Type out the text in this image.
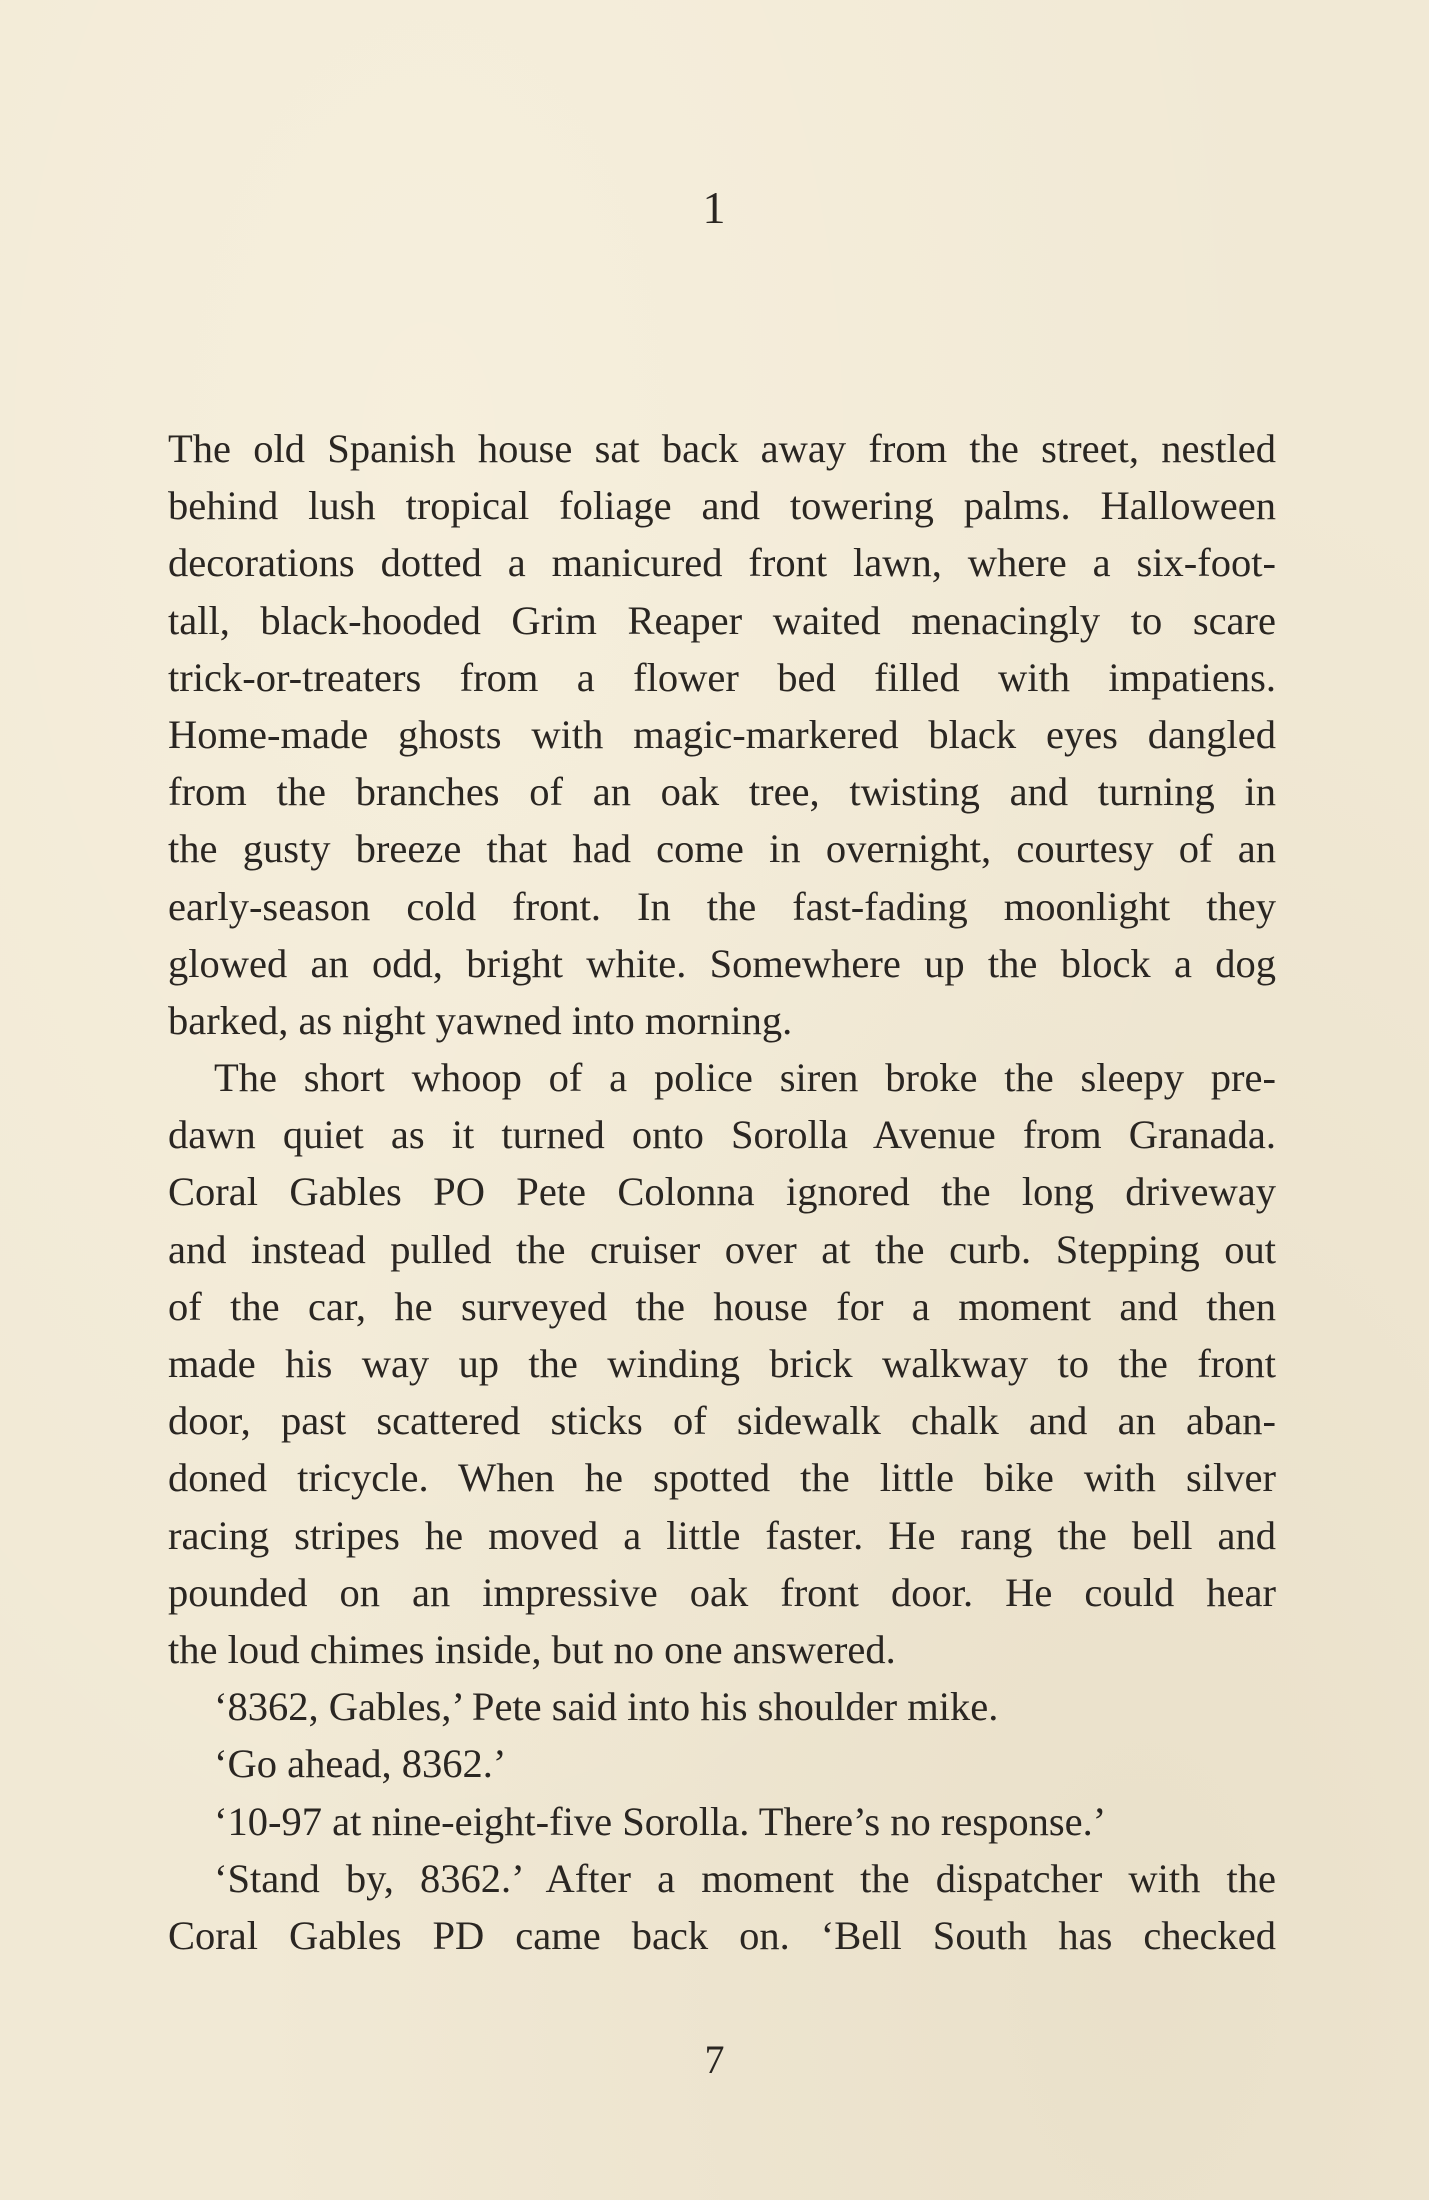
1
The old Spanish house sat back away from the street, nestled
behind lush tropical foliage and towering palms. Halloween
decorations dotted a manicured front lawn, where a six-foot-
tall, black-hooded Grim Reaper waited menacingly to scare
trick-or-treaters from a flower bed filled with impatiens.
Home-made ghosts with magic-markered black eyes dangled
from the branches of an oak tree, twisting and turning in
the gusty breeze that had come in overnight, courtesy of an
early-season cold front. In the fast-fading moonlight they
glowed an odd, bright white. Somewhere up the block a dog
barked, as night yawned into morning.
The short whoop of a police siren broke the sleepy pre-
dawn quiet as it turned onto Sorolla Avenue from Granada.
Coral Gables PO Pete Colonna ignored the long driveway
and instead pulled the cruiser over at the curb. Stepping out
of the car, he surveyed the house for a moment and then
made his way up the winding brick walkway to the front
door, past scattered sticks of sidewalk chalk and an aban-
doned tricycle. When he spotted the little bike with silver
racing stripes he moved a little faster. He rang the bell and
pounded on an impressive oak front door. He could hear
the loud chimes inside, but no one answered.
‘8362, Gables,’ Pete said into his shoulder mike.
‘Go ahead, 8362.’
‘10-97 at nine-eight-five Sorolla. There’s no response.’
‘Stand by, 8362.’ After a moment the dispatcher with the
Coral Gables PD came back on. ‘Bell South has checked
7
